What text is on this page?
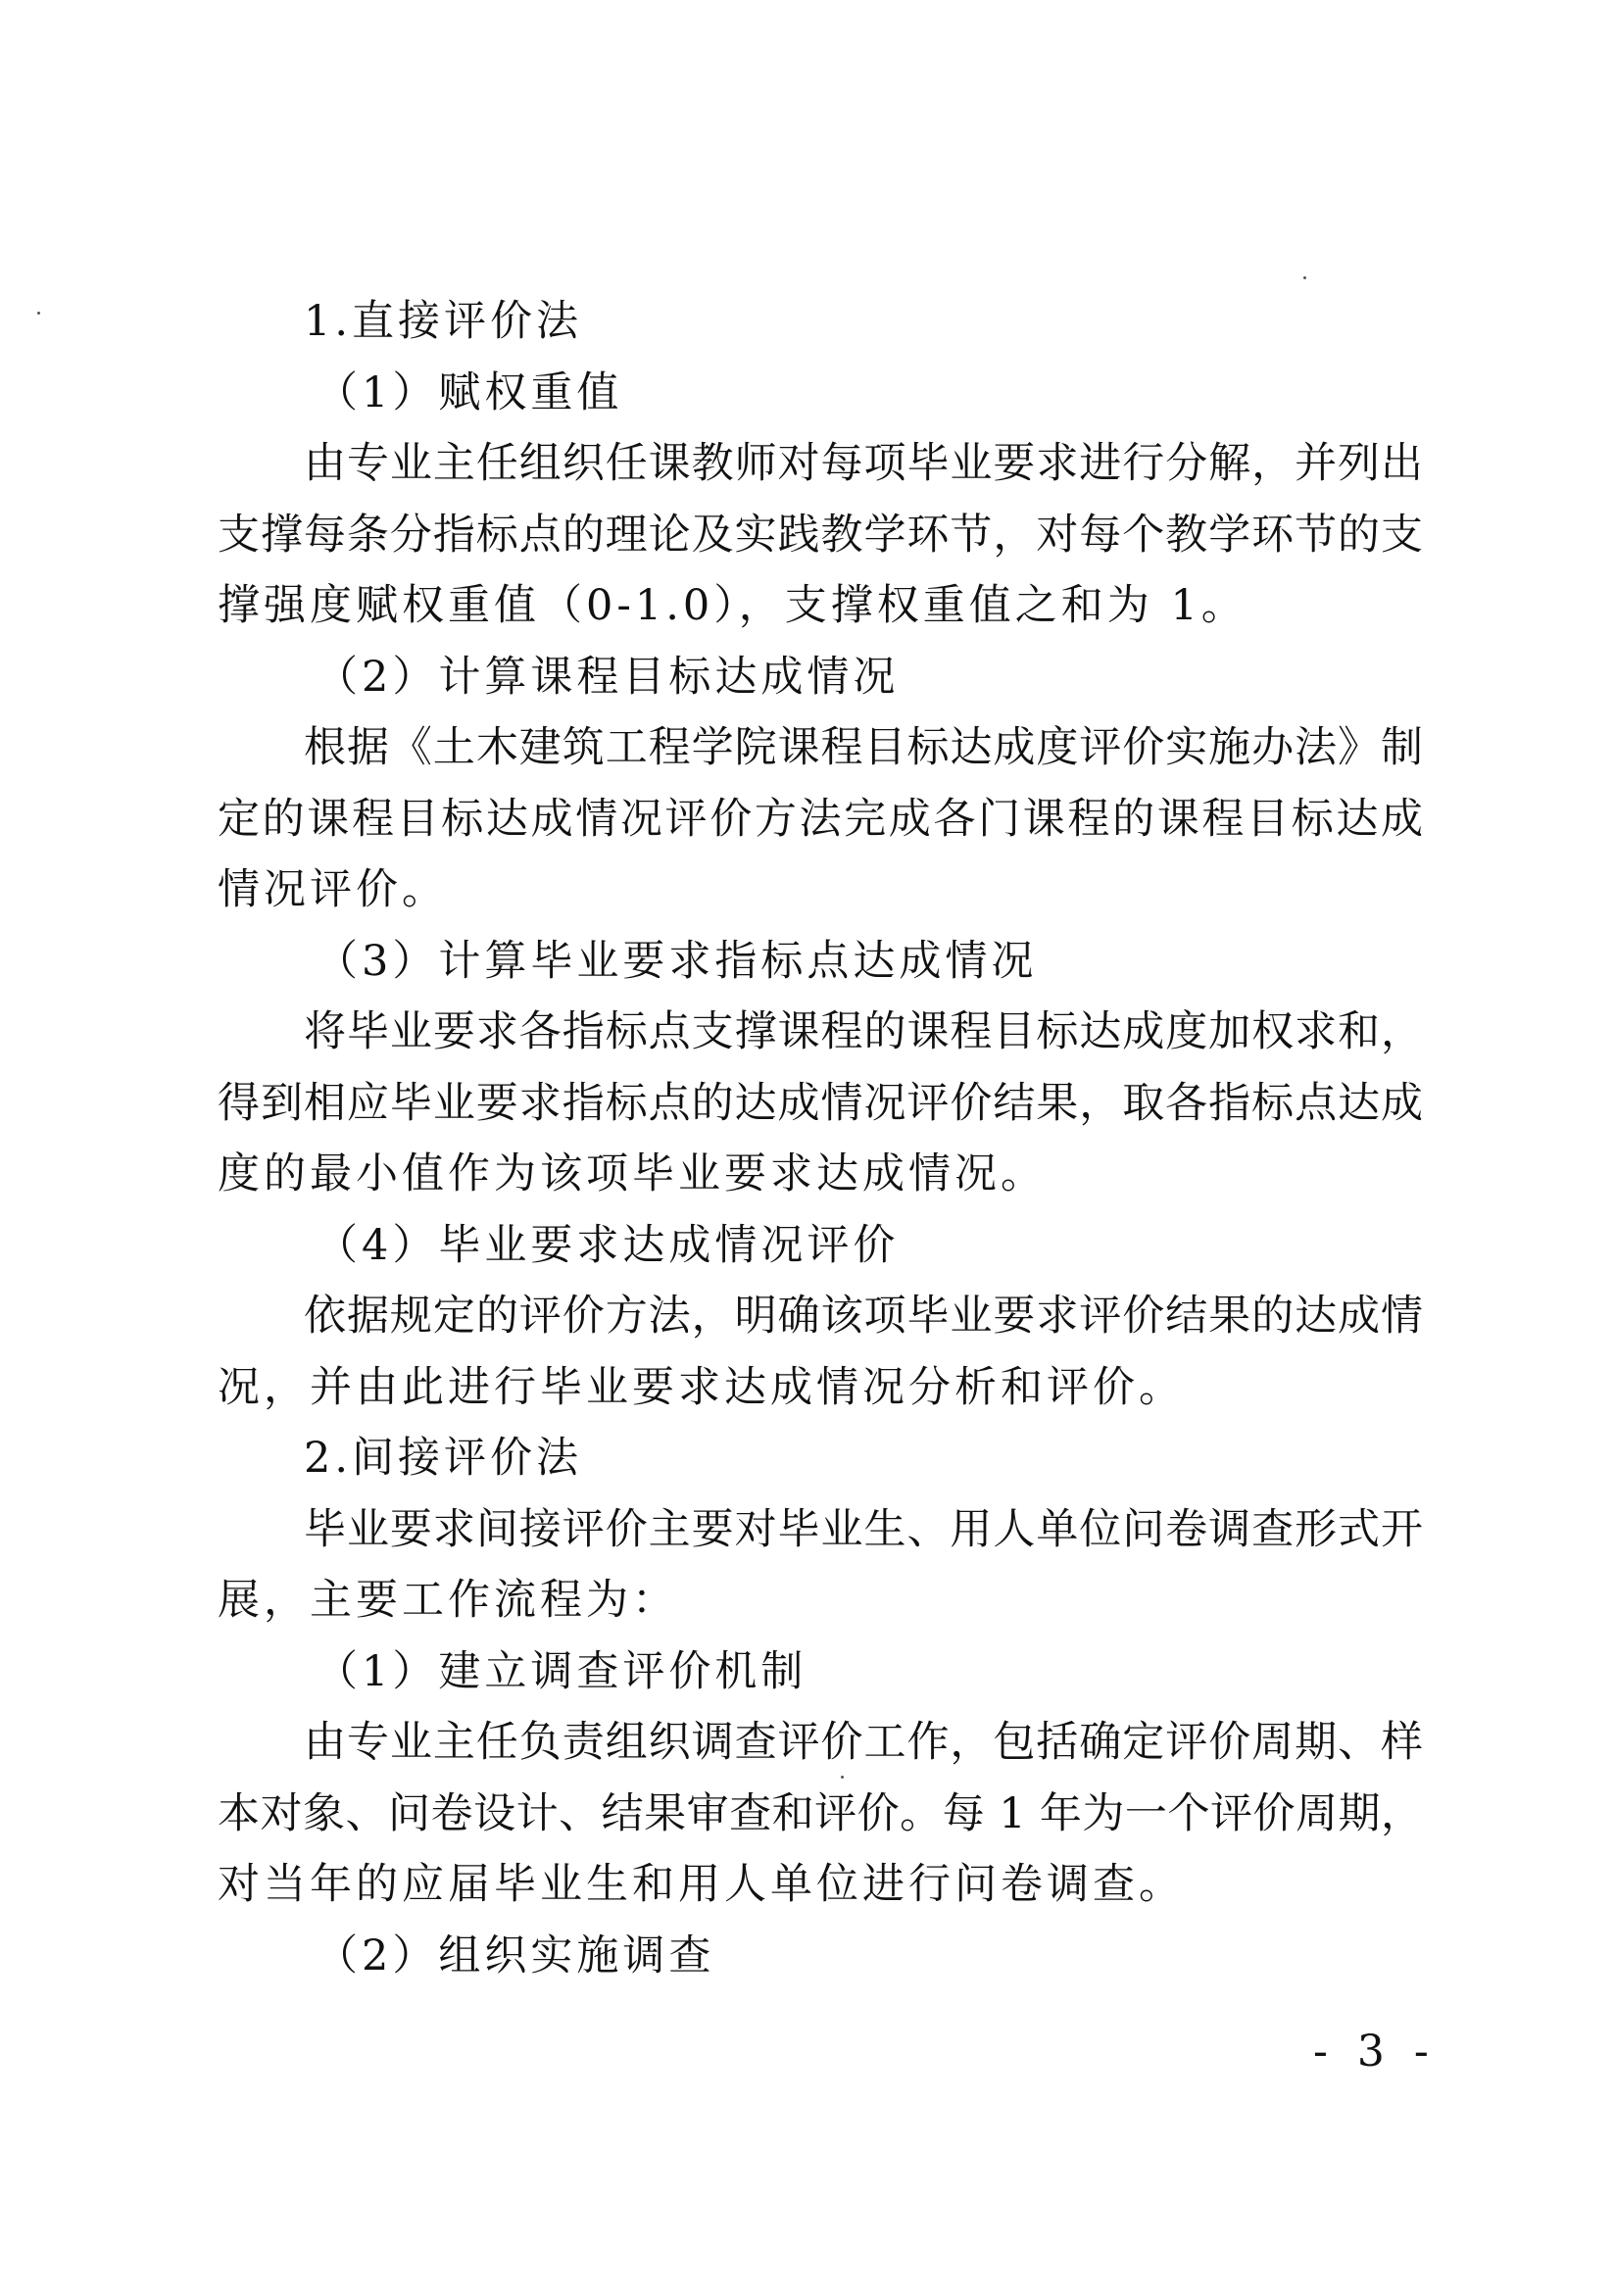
1.直接评价法
（1）赋权重值
由专业主任组织任课教师对每项毕业要求进行分解，并列出
支撑每条分指标点的理论及实践教学环节，对每个教学环节的支
撑强度赋权重值（0-1.0），支撑权重值之和为 1。
（2）计算课程目标达成情况
根据《土木建筑工程学院课程目标达成度评价实施办法》制
定的课程目标达成情况评价方法完成各门课程的课程目标达成
情况评价。
（3）计算毕业要求指标点达成情况
将毕业要求各指标点支撑课程的课程目标达成度加权求和，
得到相应毕业要求指标点的达成情况评价结果，取各指标点达成
度的最小值作为该项毕业要求达成情况。
（4）毕业要求达成情况评价
依据规定的评价方法，明确该项毕业要求评价结果的达成情
况，并由此进行毕业要求达成情况分析和评价。
2.间接评价法
毕业要求间接评价主要对毕业生、用人单位问卷调查形式开
展，主要工作流程为：
（1）建立调查评价机制
由专业主任负责组织调查评价工作，包括确定评价周期、样
本对象、问卷设计、结果审查和评价。每 1 年为一个评价周期，
对当年的应届毕业生和用人单位进行问卷调查。
（2）组织实施调查
- 3 -
